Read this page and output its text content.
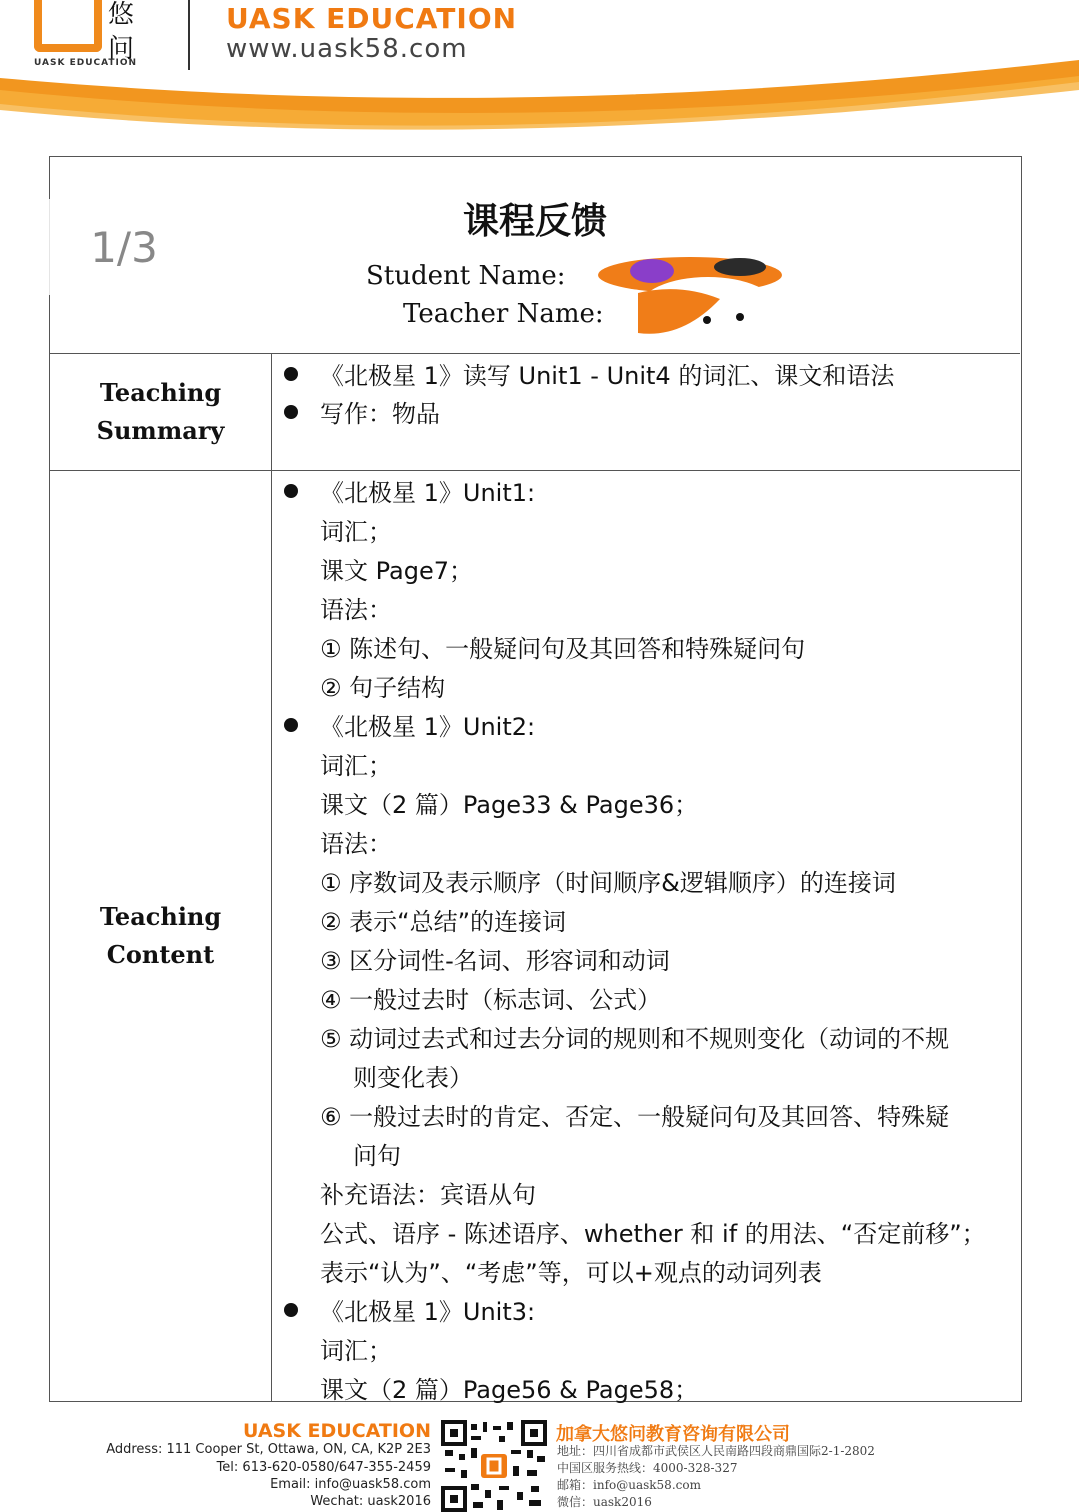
悠
问
UASK EDUCATION
UASK EDUCATION
www.uask58.com
课程反馈
Student Name:
Teacher Name:
1/3
Teaching
Summary
《北极星 1》读写 Unit1 - Unit4 的词汇、课文和语法
写作：物品
Teaching Content
《北极星 1》Unit1:
词汇；
课文 Page7；
语法：
① 陈述句、一般疑问句及其回答和特殊疑问句
② 句子结构
《北极星 1》Unit2:
词汇；
课文（2 篇）Page33 & Page36；
语法：
① 序数词及表示顺序（时间顺序&逻辑顺序）的连接词
② 表示“总结”的连接词
③ 区分词性-名词、形容词和动词
④ 一般过去时（标志词、公式）
⑤ 动词过去式和过去分词的规则和不规则变化（动词的不规
则变化表）
⑥ 一般过去时的肯定、否定、一般疑问句及其回答、特殊疑
问句
补充语法：宾语从句
公式、语序 - 陈述语序、whether 和 if 的用法、“否定前移”；
表示“认为”、“考虑”等，可以+观点的动词列表
《北极星 1》Unit3:
词汇；
课文（2 篇）Page56 & Page58；
UASK EDUCATION
Address: 111 Cooper St, Ottawa, ON, CA, K2P 2E3
Tel: 613-620-0580/647-355-2459
Email: info@uask58.com
Wechat: uask2016
加拿大悠问教育咨询有限公司
地址：四川省成都市武侯区人民南路四段商鼎国际2-1-2802
中国区服务热线：4000-328-327
邮箱：info@uask58.com
微信：uask2016
